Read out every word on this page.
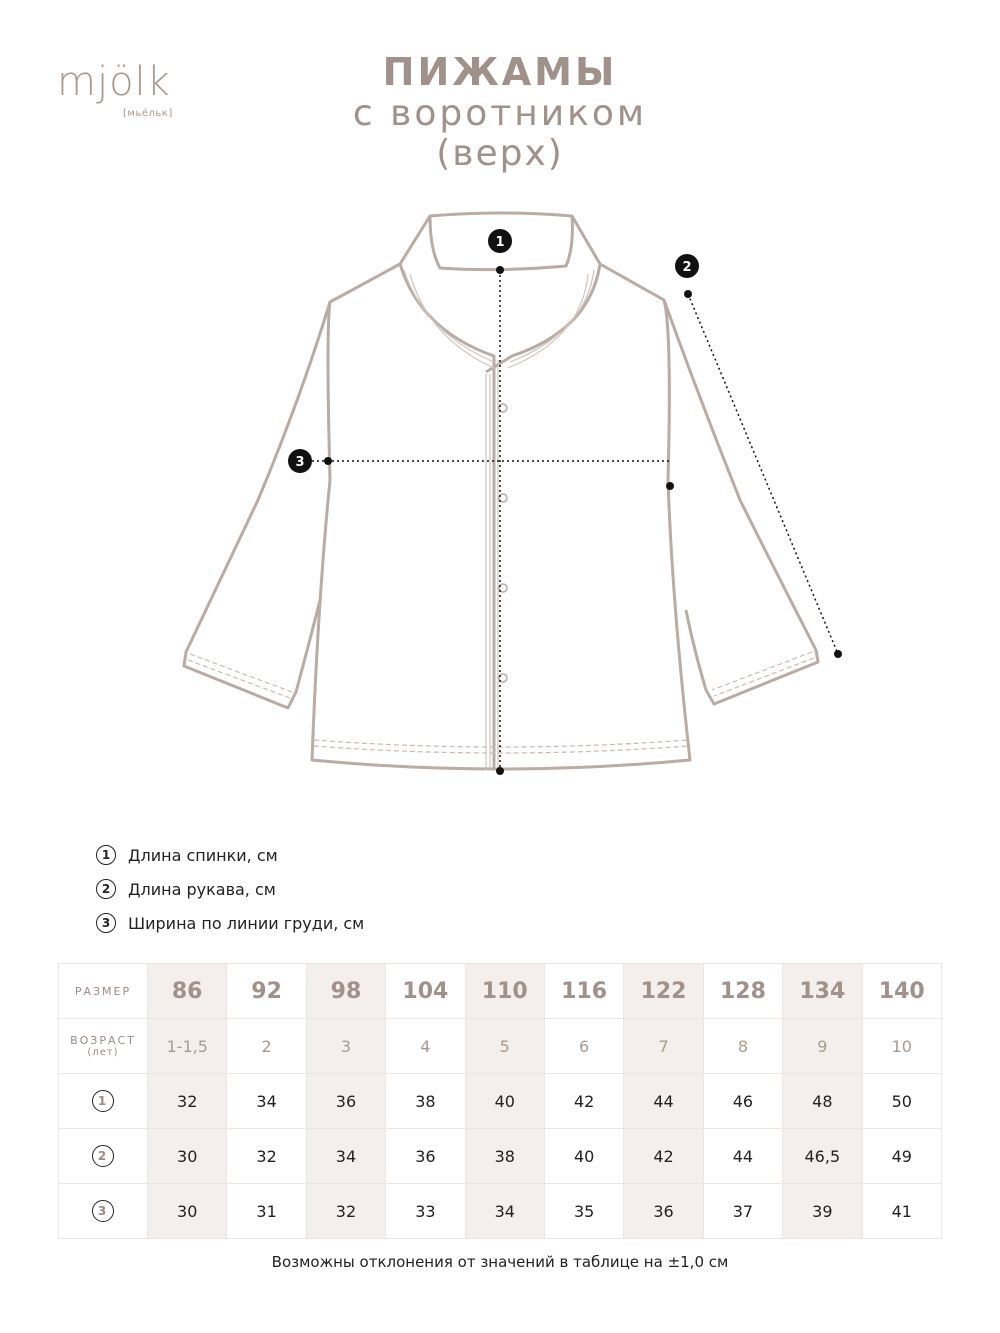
mjölk
[мьёльк]
ПИЖАМЫ
с воротником
(верх)
1
2
3
1	Длина спинки, см
2	Длина рукава, см
3	Ширина по линии груди, см
РАЗМЕР	86	92	98	104	110	116	122	128	134	140
ВОЗРАСТ
(лет)	1-1,5	2	3	4	5	6	7	8	9	10
1	32	34	36	38	40	42	44	46	48	50
2	30	32	34	36	38	40	42	44	46,5	49
3	30	31	32	33	34	35	36	37	39	41
Возможны отклонения от значений в таблице на ±1,0 см
